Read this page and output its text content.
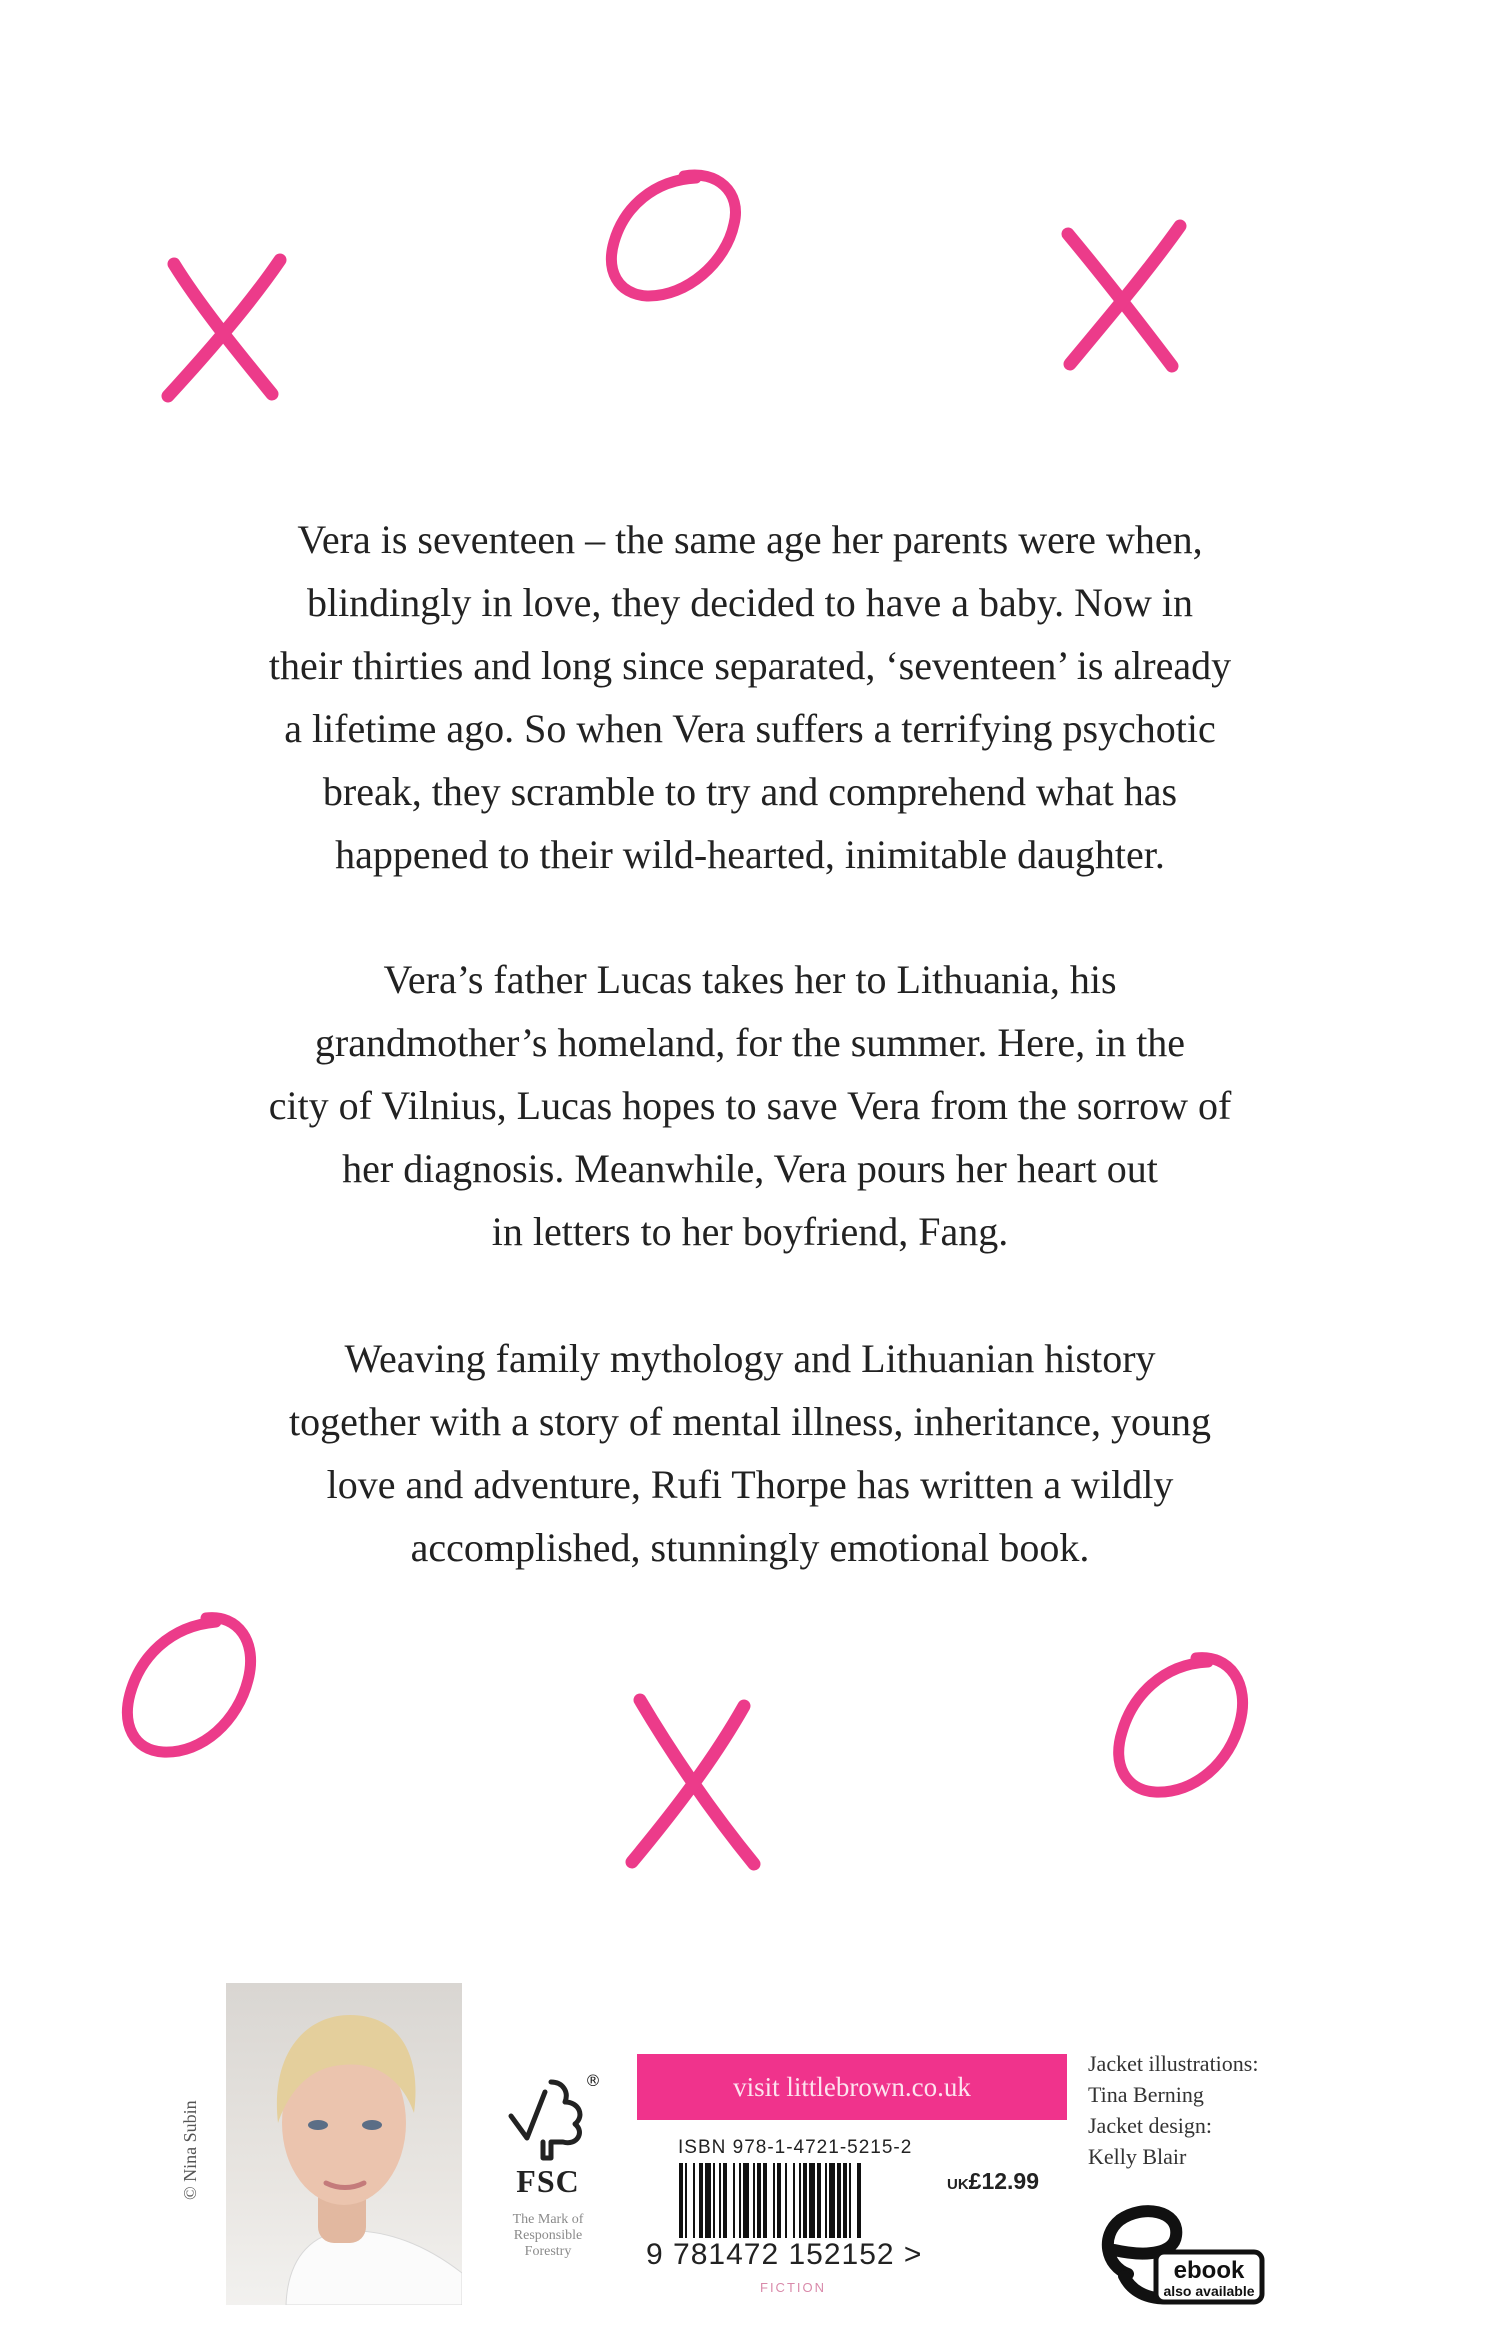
Vera is seventeen – the same age her parents were when,
blindingly in love, they decided to have a baby. Now in
their thirties and long since separated, ‘seventeen’ is already
a lifetime ago. So when Vera suffers a terrifying psychotic
break, they scramble to try and comprehend what has
happened to their wild-hearted, inimitable daughter.
Vera’s father Lucas takes her to Lithuania, his
grandmother’s homeland, for the summer. Here, in the
city of Vilnius, Lucas hopes to save Vera from the sorrow of
her diagnosis. Meanwhile, Vera pours her heart out
in letters to her boyfriend, Fang.
Weaving family mythology and Lithuanian history
together with a story of mental illness, inheritance, young
love and adventure, Rufi Thorpe has written a wildly
accomplished, stunningly emotional book.
© Nina Subin
®
FSC
The Mark of
Responsible
Forestry
visit littlebrown.co.uk
ISBN 978-1-4721-5215-2
9 781472 152152 >
UK£12.99
FICTION
Jacket illustrations:
Tina Berning
Jacket design:
Kelly Blair
ebook
also available
